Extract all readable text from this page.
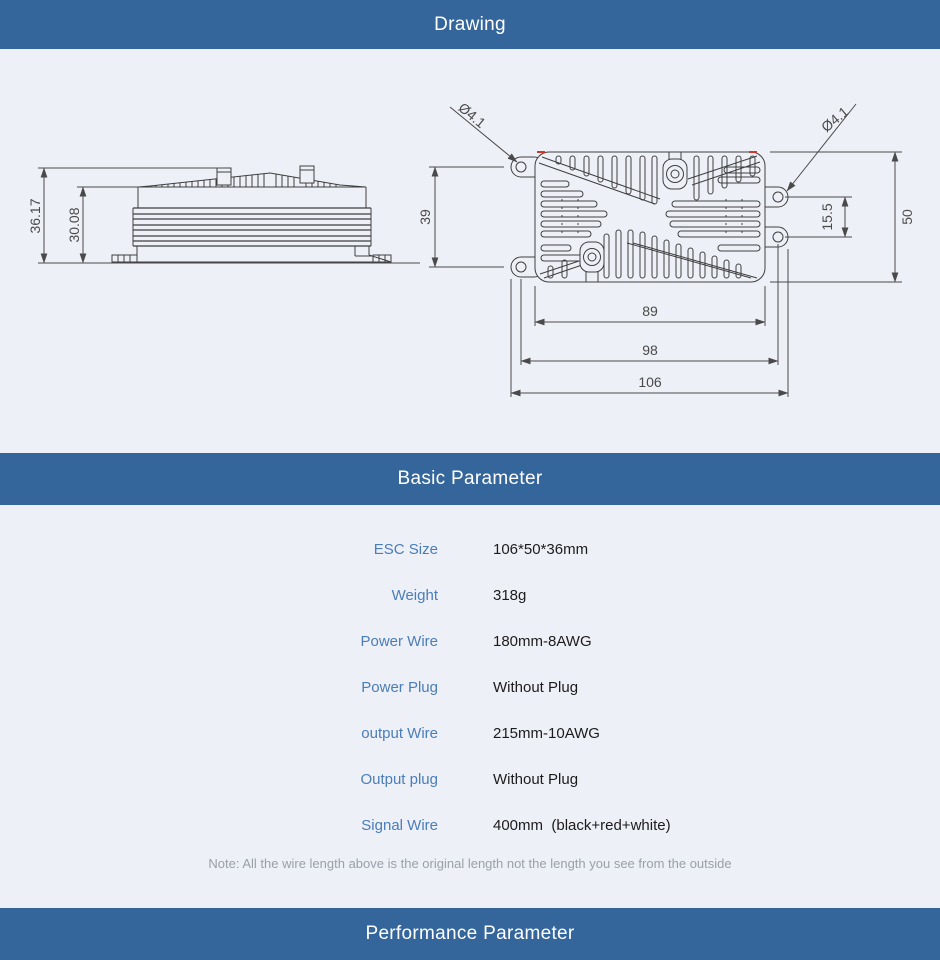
Drawing
36.17 30.08	39	15.5	50
89
98
106
Ø4.1	Ø4.1
Basic Parameter
ESC Size	106*50*36mm
Weight	318g
Power Wire	180mm-8AWG
Power Plug	Without Plug
output Wire	215mm-10AWG
Output plug	Without Plug
Signal Wire	400mm  (black+red+white)
Note: All the wire length above is the original length not the length you see from the outside
Performance Parameter
